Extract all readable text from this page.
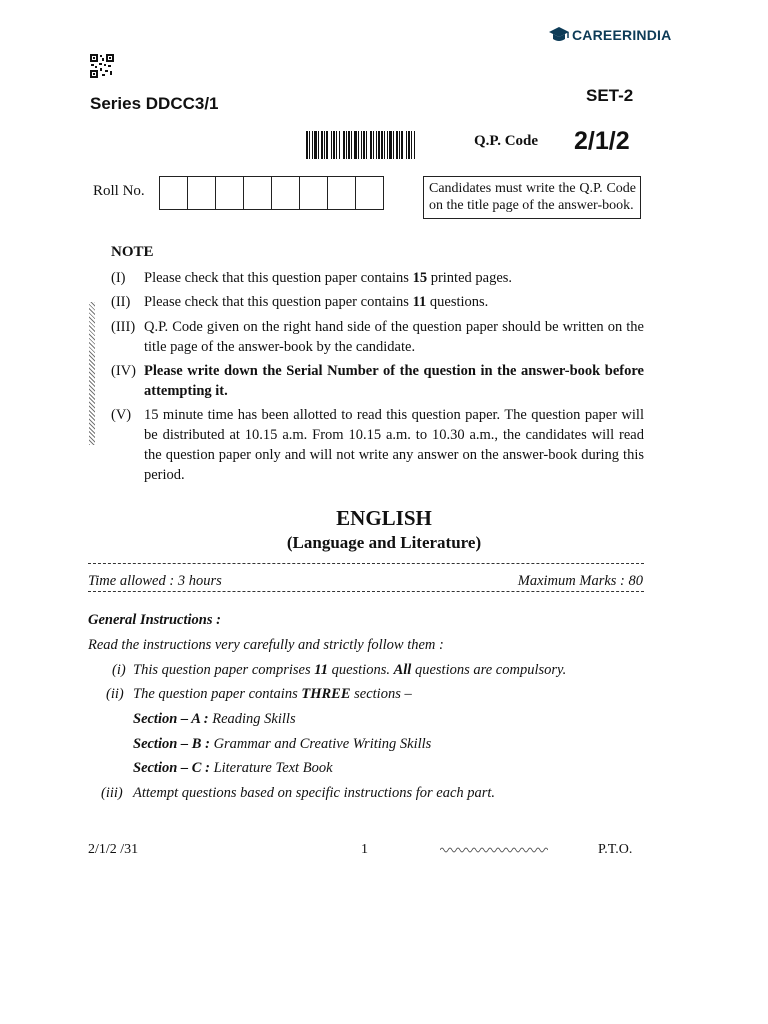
CAREERINDIA
Series DDCC3/1	SET-2
Q.P. Code 2/1/2
Roll No.	Candidates must write the Q.P. Code on the title page of the answer-book.
NOTE
(I) Please check that this question paper contains 15 printed pages.
(II) Please check that this question paper contains 11 questions.
(III) Q.P. Code given on the right hand side of the question paper should be written on the title page of the answer-book by the candidate.
(IV) Please write down the Serial Number of the question in the answer-book before attempting it.
(V) 15 minute time has been allotted to read this question paper. The question paper will be distributed at 10.15 a.m. From 10.15 a.m. to 10.30 a.m., the candidates will read the question paper only and will not write any answer on the answer-book during this period.
ENGLISH
(Language and Literature)
Time allowed : 3 hours	Maximum Marks : 80
General Instructions :
Read the instructions very carefully and strictly follow them :
(i) This question paper comprises 11 questions. All questions are compulsory.
(ii) The question paper contains THREE sections –
Section – A : Reading Skills
Section – B : Grammar and Creative Writing Skills
Section – C : Literature Text Book
(iii) Attempt questions based on specific instructions for each part.
2/1/2 /31	1	P.T.O.
